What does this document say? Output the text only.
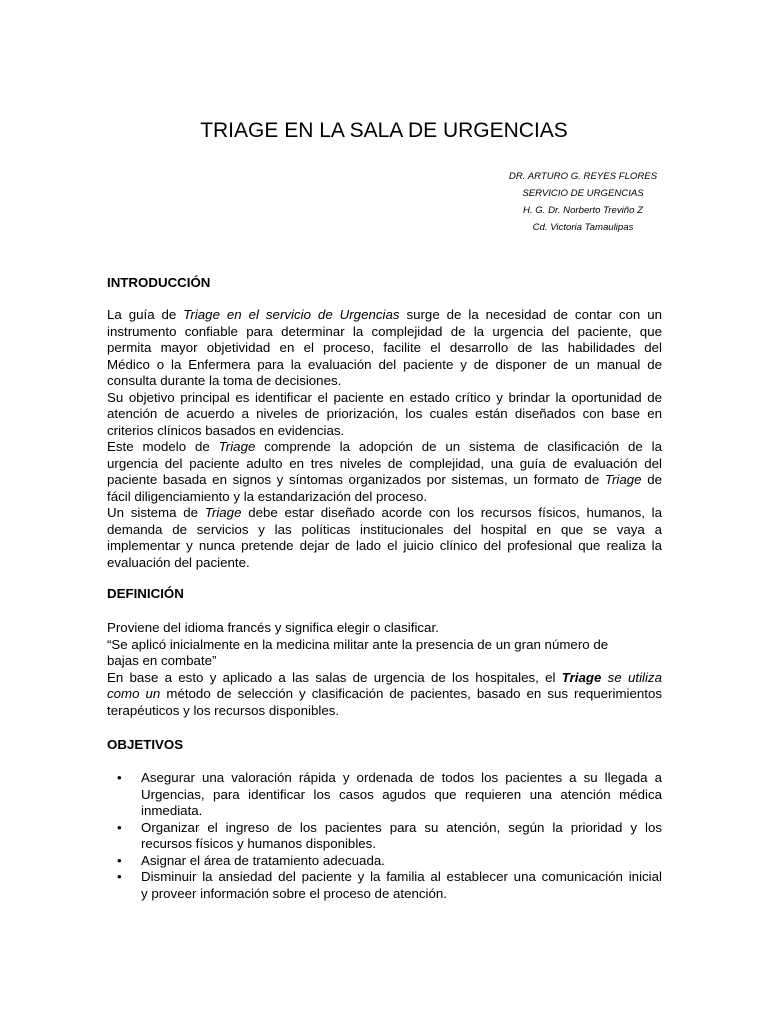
TRIAGE EN LA SALA DE URGENCIAS
DR. ARTURO G. REYES FLORES
SERVICIO DE URGENCIAS
H. G. Dr. Norberto Treviño Z
Cd. Victoria Tamaulipas
INTRODUCCIÓN
La guía de Triage en el servicio de Urgencias surge de la necesidad de contar con un
instrumento confiable para determinar la complejidad de la urgencia del paciente, que
permita mayor objetividad en el proceso, facilite el desarrollo de las habilidades del
Médico o la Enfermera para la evaluación del paciente y de disponer de un manual de
consulta durante la toma de decisiones.
Su objetivo principal es identificar el paciente en estado crítico y brindar la oportunidad de
atención de acuerdo a niveles de priorización, los cuales están diseñados con base en
criterios clínicos basados en evidencias.
Este modelo de Triage comprende la adopción de un sistema de clasificación de la
urgencia del paciente adulto en tres niveles de complejidad, una guía de evaluación del
paciente basada en signos y síntomas organizados por sistemas, un formato de Triage de
fácil diligenciamiento y la estandarización del proceso.
Un sistema de Triage debe estar diseñado acorde con los recursos físicos, humanos, la
demanda de servicios y las políticas institucionales del hospital en que se vaya a
implementar y nunca pretende dejar de lado el juicio clínico del profesional que realiza la
evaluación del paciente.
DEFINICIÓN
Proviene del idioma francés y significa elegir o clasificar.
“Se aplicó inicialmente en la medicina militar ante la presencia de un gran número de
bajas en combate”
En base a esto y aplicado a las salas de urgencia de los hospitales, el Triage se utiliza
como un método de selección y clasificación de pacientes, basado en sus requerimientos
terapéuticos y los recursos disponibles.
OBJETIVOS
• Asegurar una valoración rápida y ordenada de todos los pacientes a su llegada a
Urgencias, para identificar los casos agudos que requieren una atención médica
inmediata.
• Organizar el ingreso de los pacientes para su atención, según la prioridad y los
recursos físicos y humanos disponibles.
• Asignar el área de tratamiento adecuada.
• Disminuir la ansiedad del paciente y la familia al establecer una comunicación inicial
y proveer información sobre el proceso de atención.
